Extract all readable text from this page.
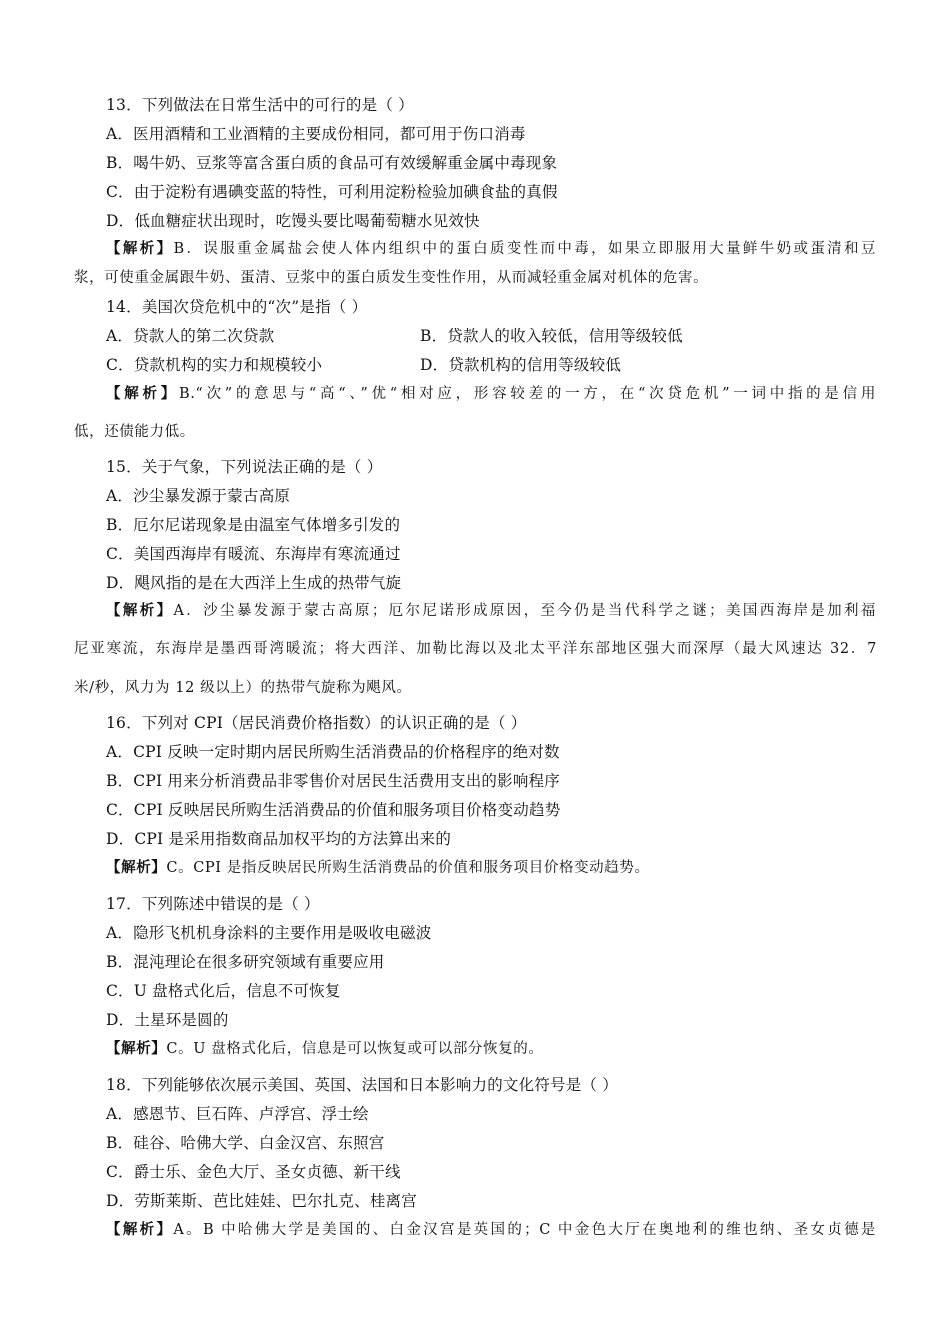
13．下列做法在日常生活中的可行的是（ ）
A．医用酒精和工业酒精的主要成份相同，都可用于伤口消毒
B．喝牛奶、豆浆等富含蛋白质的食品可有效缓解重金属中毒现象
C．由于淀粉有遇碘变蓝的特性，可利用淀粉检验加碘食盐的真假
D．低血糖症状出现时，吃馒头要比喝葡萄糖水见效快
【解析】B．误服重金属盐会使人体内组织中的蛋白质变性而中毒，如果立即服用大量鲜牛奶或蛋清和豆
浆，可使重金属跟牛奶、蛋清、豆浆中的蛋白质发生变性作用，从而减轻重金属对机体的危害。
14．美国次贷危机中的“次”是指（ ）
A．贷款人的第二次贷款	B．贷款人的收入较低，信用等级较低
C．贷款机构的实力和规模较小	D．贷款机构的信用等级较低
【解析】B.“次”的意思与“高“、”优“相对应，形容较差的一方，在“次贷危机”一词中指的是信用
低，还债能力低。
15．关于气象，下列说法正确的是（ ）
A．沙尘暴发源于蒙古高原
B．厄尔尼诺现象是由温室气体增多引发的
C．美国西海岸有暖流、东海岸有寒流通过
D．飓风指的是在大西洋上生成的热带气旋
【解析】A．沙尘暴发源于蒙古高原；厄尔尼诺形成原因，至今仍是当代科学之谜；美国西海岸是加利福
尼亚寒流，东海岸是墨西哥湾暖流；将大西洋、加勒比海以及北太平洋东部地区强大而深厚（最大风速达 32．7
米/秒，风力为 12 级以上）的热带气旋称为飓风。
16．下列对 CPI（居民消费价格指数）的认识正确的是（ ）
A．CPI 反映一定时期内居民所购生活消费品的价格程序的绝对数
B．CPI 用来分析消费品非零售价对居民生活费用支出的影响程序
C．CPI 反映居民所购生活消费品的价值和服务项目价格变动趋势
D．CPI 是采用指数商品加权平均的方法算出来的
【解析】C。CPI 是指反映居民所购生活消费品的价值和服务项目价格变动趋势。
17．下列陈述中错误的是（ ）
A．隐形飞机机身涂料的主要作用是吸收电磁波
B．混沌理论在很多研究领域有重要应用
C．U 盘格式化后，信息不可恢复
D．土星环是圆的
【解析】C。U 盘格式化后，信息是可以恢复或可以部分恢复的。
18．下列能够依次展示美国、英国、法国和日本影响力的文化符号是（ ）
A．感恩节、巨石阵、卢浮宫、浮士绘
B．硅谷、哈佛大学、白金汉宫、东照宫
C．爵士乐、金色大厅、圣女贞德、新干线
D．劳斯莱斯、芭比娃娃、巴尔扎克、桂离宫
【解析】A。B 中哈佛大学是美国的、白金汉宫是英国的；C 中金色大厅在奥地利的维也纳、圣女贞德是
